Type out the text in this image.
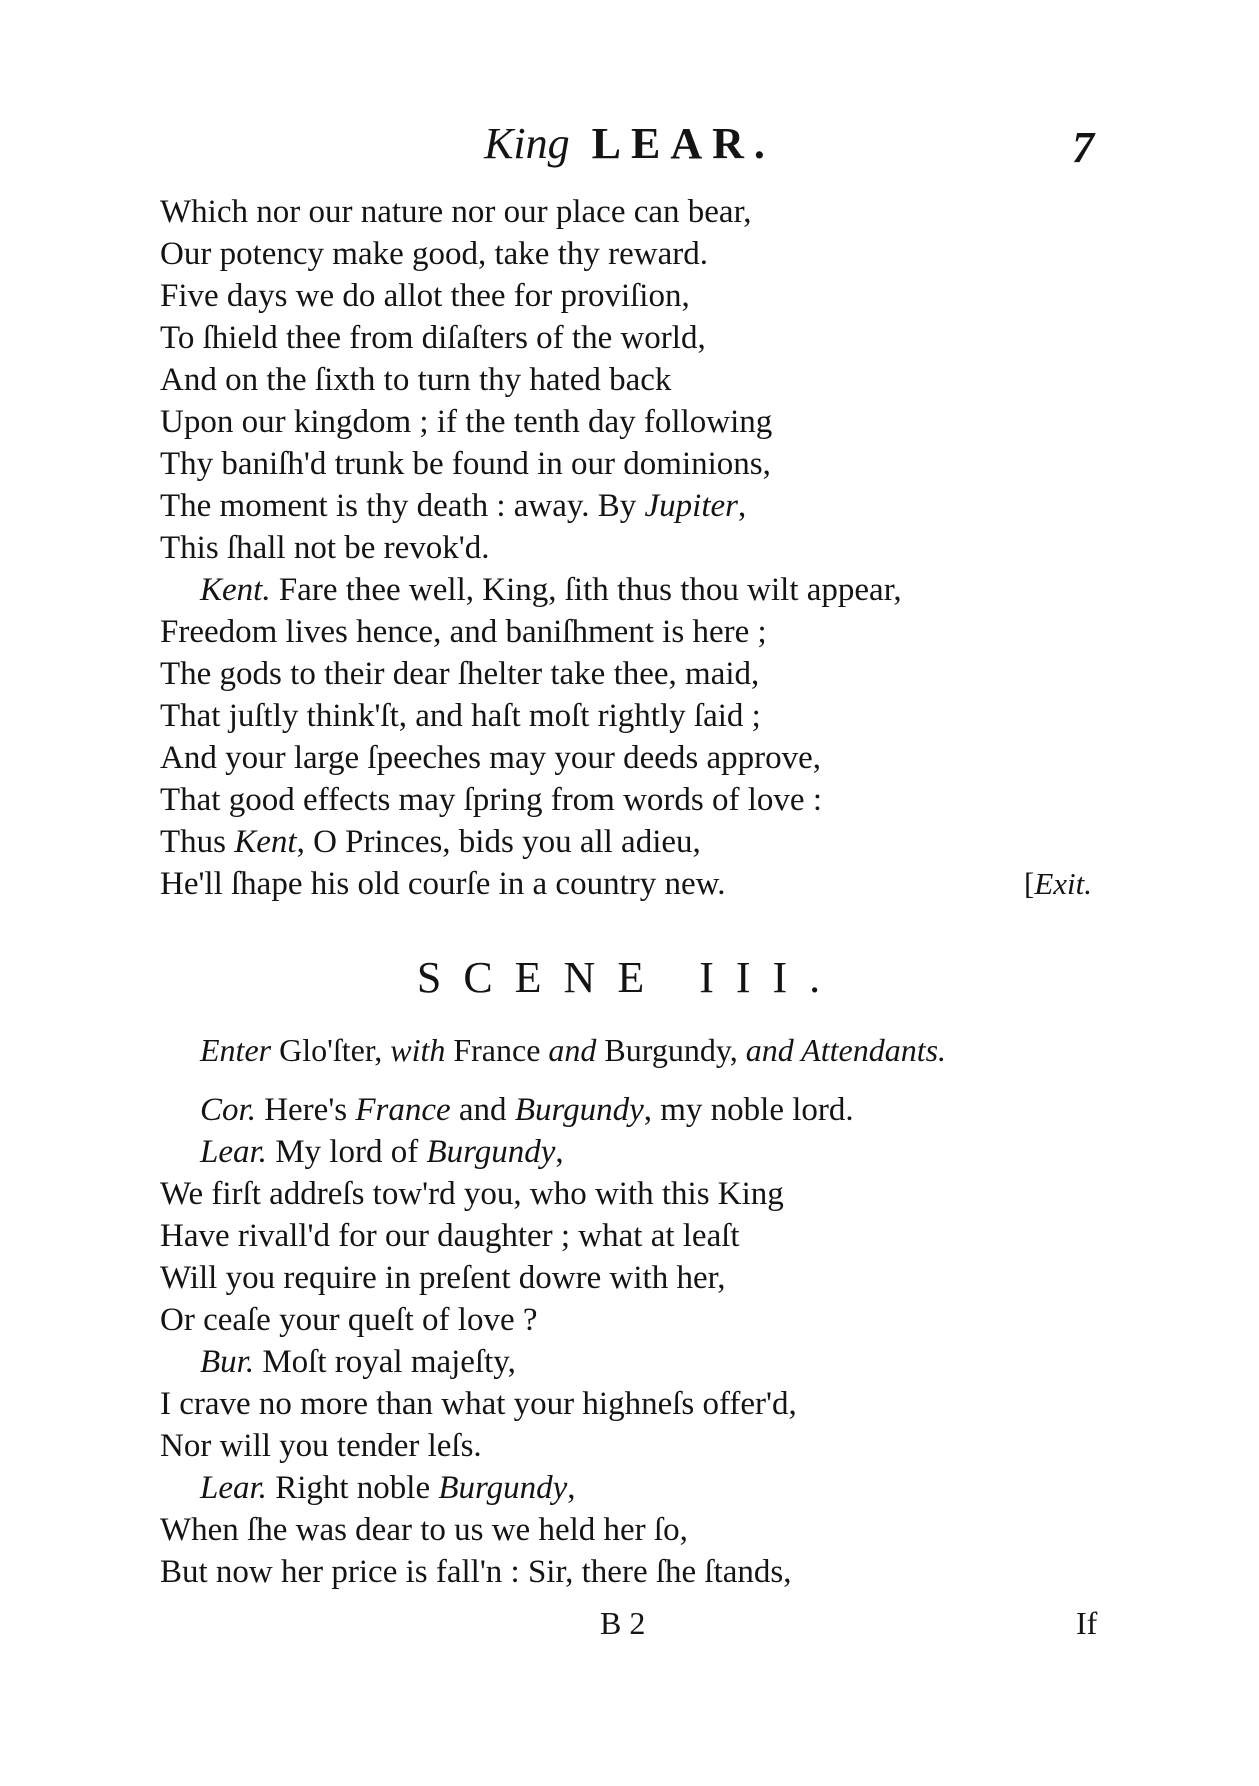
King LEAR.	7
Which nor our nature nor our place can bear,
Our potency make good, take thy reward.
Five days we do allot thee for proviſion,
To ſhield thee from diſaſters of the world,
And on the ſixth to turn thy hated back
Upon our kingdom ; if the tenth day following
Thy baniſh'd trunk be found in our dominions,
The moment is thy death : away. By Jupiter,
This ſhall not be revok'd.
Kent. Fare thee well, King, ſith thus thou wilt appear,
Freedom lives hence, and baniſhment is here ;
The gods to their dear ſhelter take thee, maid,
That juſtly think'ſt, and haſt moſt rightly ſaid ;
And your large ſpeeches may your deeds approve,
That good effects may ſpring from words of love :
Thus Kent, O Princes, bids you all adieu,
He'll ſhape his old courſe in a country new.	[Exit.
SCENE III.
Enter Glo'ſter, with France and Burgundy, and Attendants.
Cor. Here's France and Burgundy, my noble lord.
Lear. My lord of Burgundy,
We firſt addreſs tow'rd you, who with this King
Have rivall'd for our daughter ; what at leaſt
Will you require in preſent dowre with her,
Or ceaſe your queſt of love ?
Bur. Moſt royal majeſty,
I crave no more than what your highneſs offer'd,
Nor will you tender leſs.
Lear. Right noble Burgundy,
When ſhe was dear to us we held her ſo,
But now her price is fall'n : Sir, there ſhe ſtands,
B 2	If
